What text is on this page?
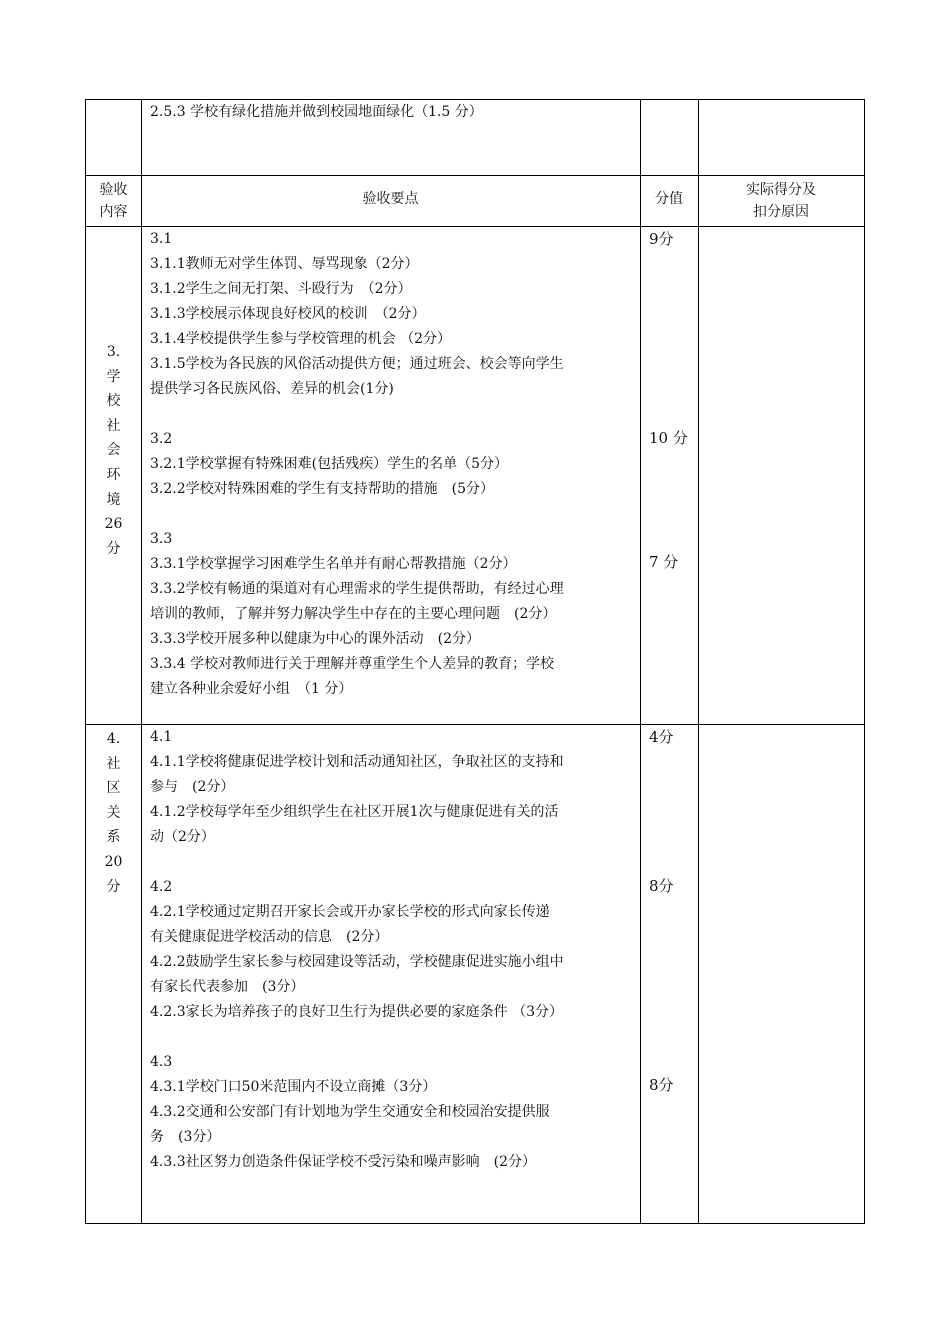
2.5.3 学校有绿化措施并做到校园地面绿化（1.5 分）
验收
内容
验收要点	分值
实际得分及
扣分原因
3.
学
校
社
会
环
境
26
分
3.1
3.1.1教师无对学生体罚、辱骂现象（2分）
3.1.2学生之间无打架、斗殴行为　（2分）
3.1.3学校展示体现良好校风的校训　（2分）
3.1.4学校提供学生参与学校管理的机会 （2分）
3.1.5学校为各民族的风俗活动提供方便；通过班会、校会等向学生
提供学习各民族风俗、差异的机会(1分)
3.2
3.2.1学校掌握有特殊困难(包括残疾）学生的名单（5分）
3.2.2学校对特殊困难的学生有支持帮助的措施　(5分）
3.3
3.3.1学校掌握学习困难学生名单并有耐心帮教措施（2分）
3.3.2学校有畅通的渠道对有心理需求的学生提供帮助，有经过心理
培训的教师，了解并努力解决学生中存在的主要心理问题　(2分）
3.3.3学校开展多种以健康为中心的课外活动　(2分）
3.3.4 学校对教师进行关于理解并尊重学生个人差异的教育；学校
建立各种业余爱好小组　（1 分）
9分
10 分
7 分
4.
社
区
关
系
20
分
4.1
4.1.1学校将健康促进学校计划和活动通知社区，争取社区的支持和
参与　(2分）
4.1.2学校每学年至少组织学生在社区开展1次与健康促进有关的活
动（2分）
4.2
4.2.1学校通过定期召开家长会或开办家长学校的形式向家长传递
有关健康促进学校活动的信息　(2分）
4.2.2鼓励学生家长参与校园建设等活动，学校健康促进实施小组中
有家长代表参加　(3分）
4.2.3家长为培养孩子的良好卫生行为提供必要的家庭条件 （3分）
4.3
4.3.1学校门口50米范围内不设立商摊（3分）
4.3.2交通和公安部门有计划地为学生交通安全和校园治安提供服
务　(3分）
4.3.3社区努力创造条件保证学校不受污染和噪声影响　(2分）
4分
8分
8分
